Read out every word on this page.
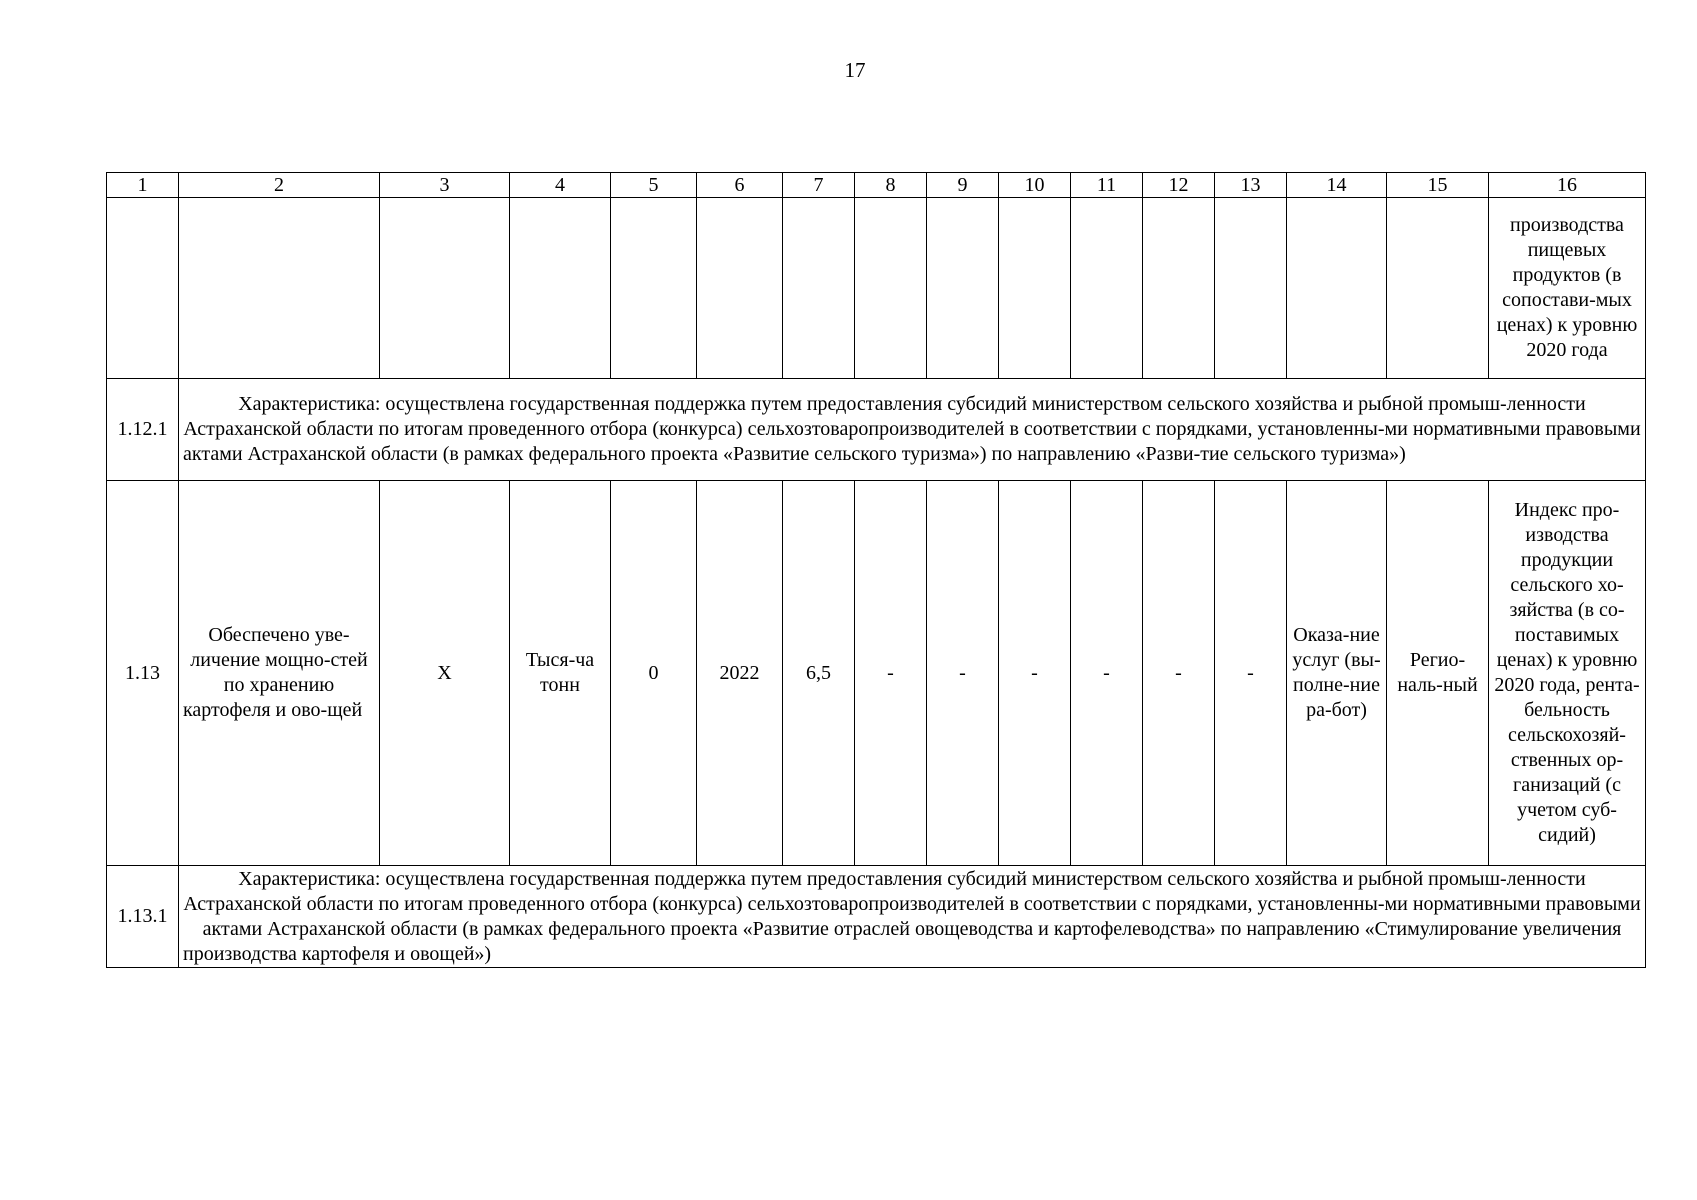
17
1	2	3	4	5	6	7	8	9	10	11	12	13	14	15	16
															производства пищевых продуктов (в сопостави-мых ценах) к уровню 2020 года
1.12.1	Характеристика: осуществлена государственная поддержка путем предоставления субсидий министерством сельского хозяйства и рыбной промыш-ленности Астраханской области по итогам проведенного отбора (конкурса) сельхозтоваропроизводителей в соответствии с порядками, установленны-ми нормативными правовыми актами Астраханской области (в рамках федерального проекта «Развитие сельского туризма») по направлению «Разви-тие сельского туризма»)														
1.13	Обеспечено уве-личение мощно-стей по хранению картофеля и ово-щей	X	Тыся-ча тонн	0	2022	6,5	-	-	-	-	-	-	Оказа-ние услуг (вы-полне-ние ра-бот)	Регио-наль-ный	Индекс про-изводства продукции сельского хо-зяйства (в со-поставимых ценах) к уровню 2020 года, рента-бельность сельскохозяй-ственных ор-ганизаций (с учетом суб-сидий)
1.13.1	Характеристика: осуществлена государственная поддержка путем предоставления субсидий министерством сельского хозяйства и рыбной промыш-ленности Астраханской области по итогам проведенного отбора (конкурса) сельхозтоваропроизводителей в соответствии с порядками, установленны-ми нормативными правовыми актами Астраханской области (в рамках федерального проекта «Развитие отраслей овощеводства и картофелеводства» по направлению «Стимулирование увеличения производства картофеля и овощей»)														
